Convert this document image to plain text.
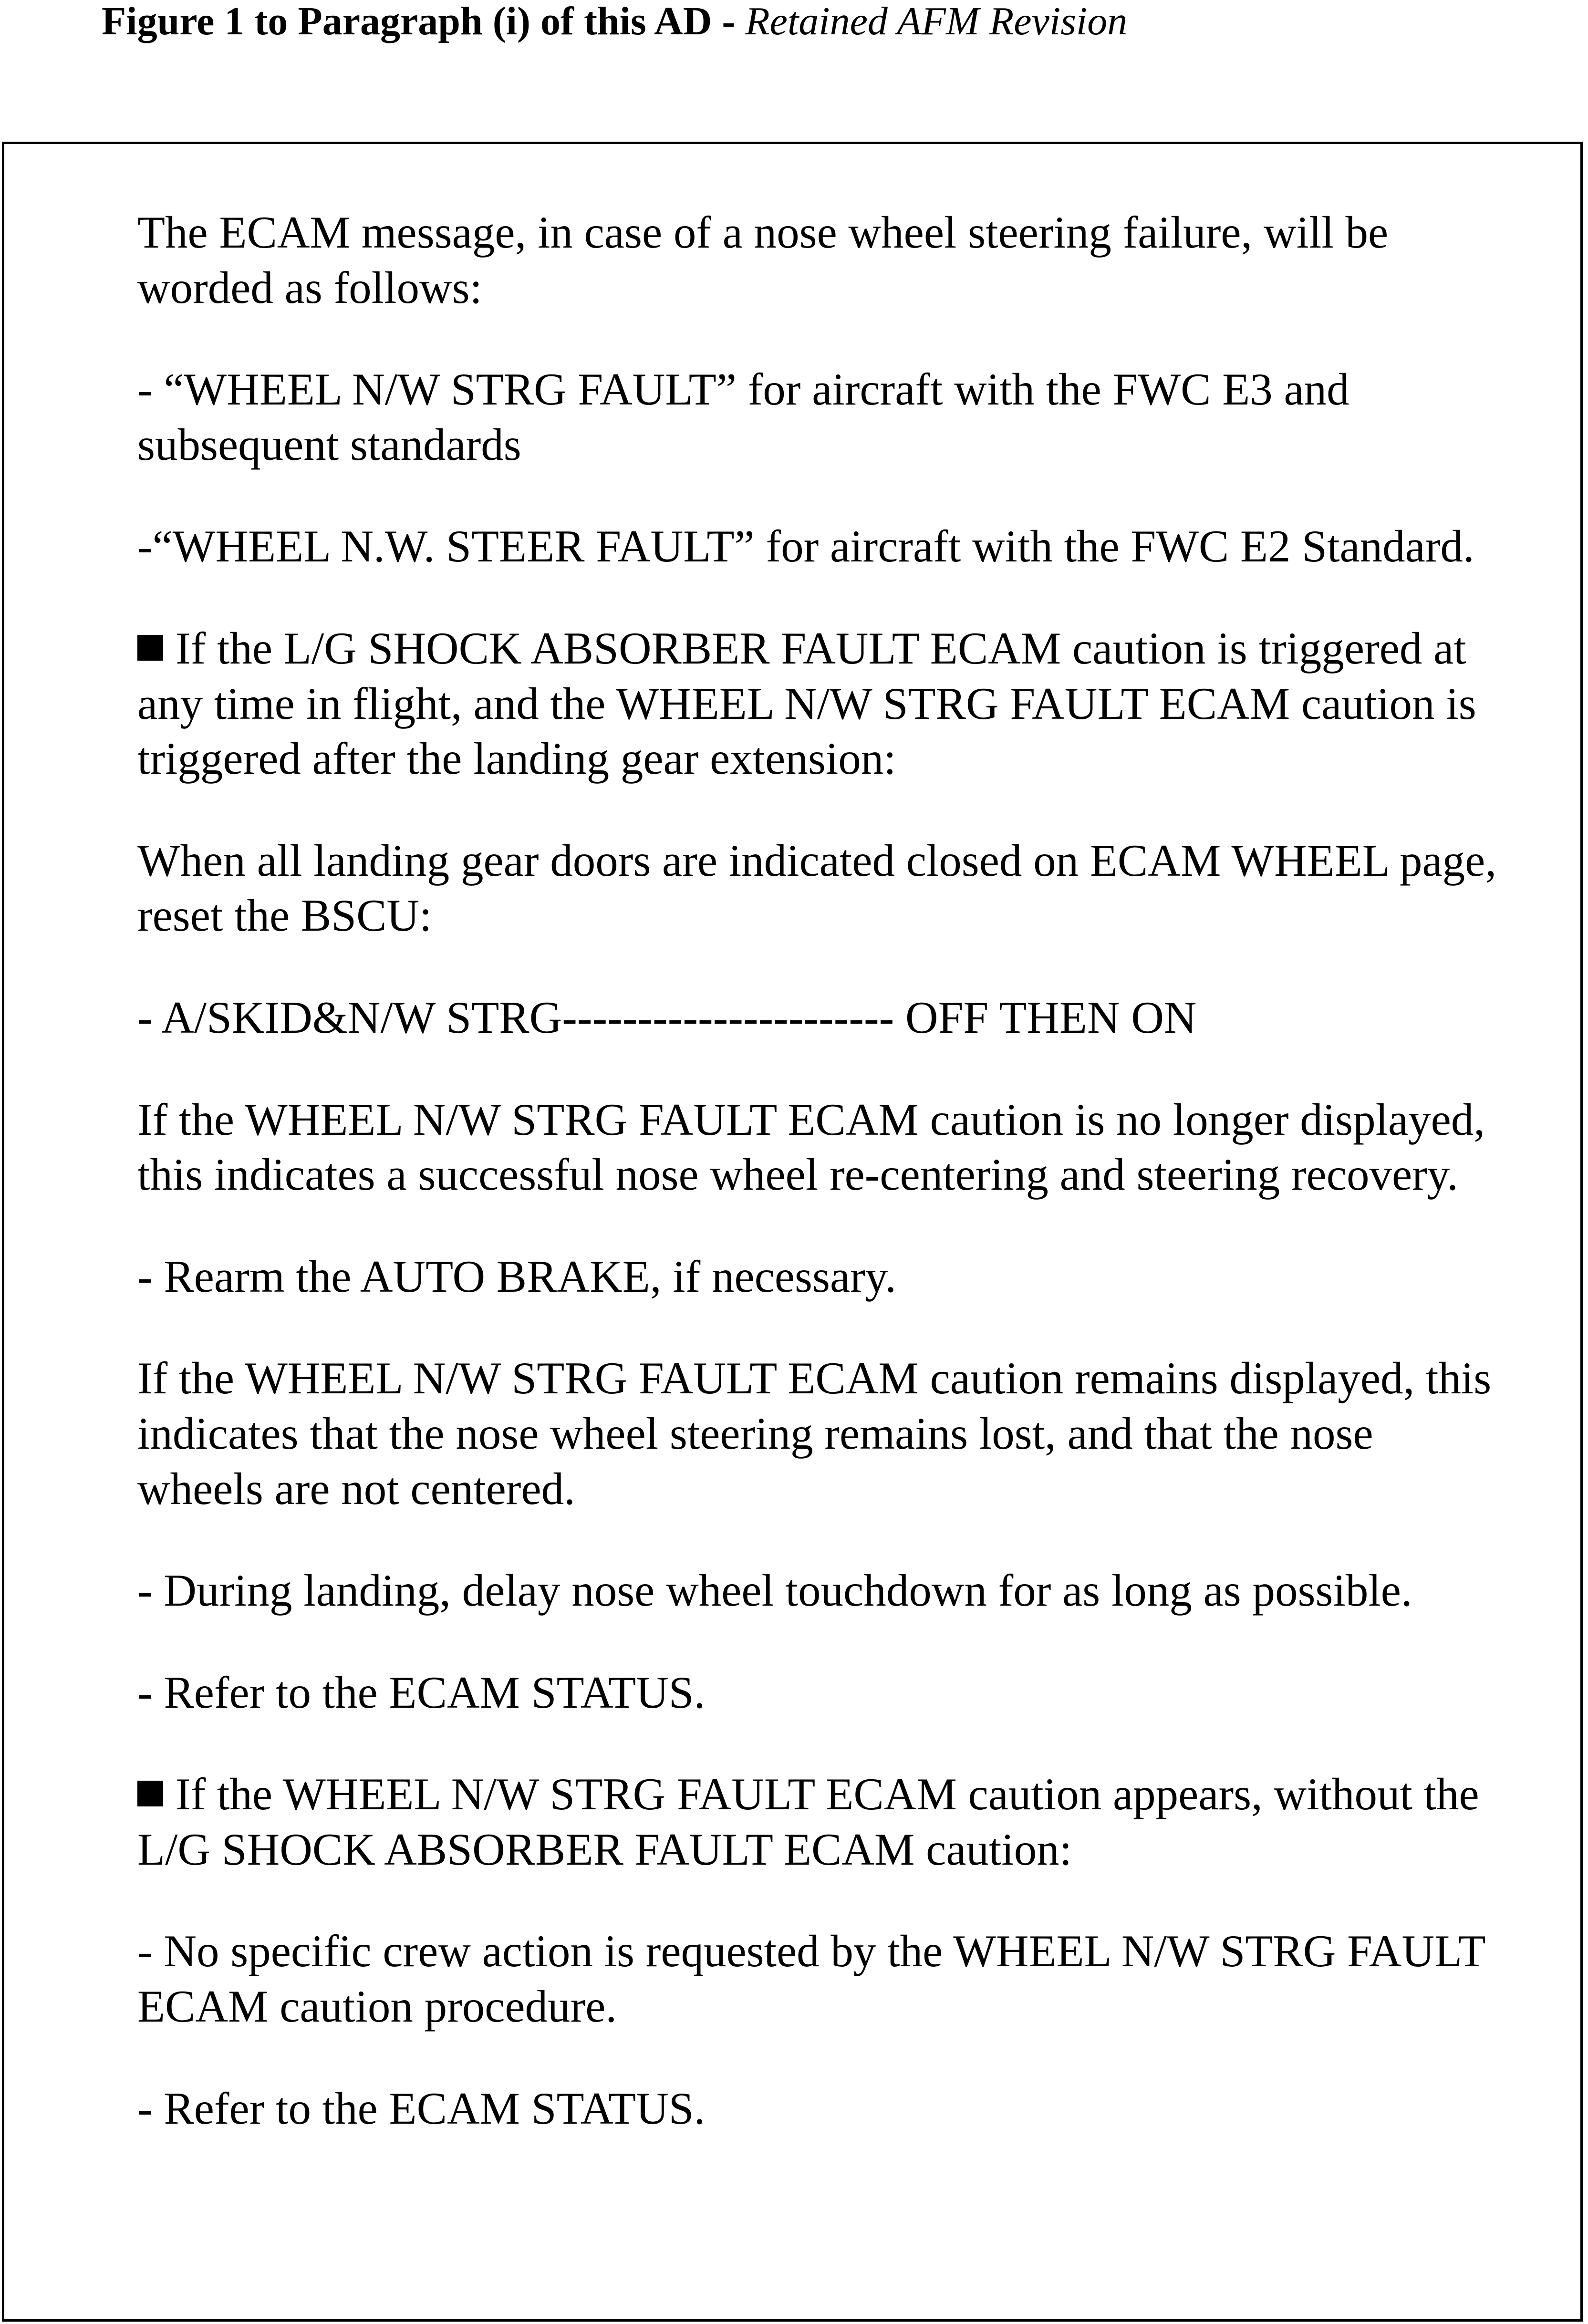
Figure 1 to Paragraph (i) of this AD - Retained AFM Revision

The ECAM message, in case of a nose wheel steering failure, will be worded as follows:

- “WHEEL N/W STRG FAULT” for aircraft with the FWC E3 and subsequent standards

-“WHEEL N.W. STEER FAULT” for aircraft with the FWC E2 Standard.

If the L/G SHOCK ABSORBER FAULT ECAM caution is triggered at any time in flight, and the WHEEL N/W STRG FAULT ECAM caution is triggered after the landing gear extension:

When all landing gear doors are indicated closed on ECAM WHEEL page, reset the BSCU:

- A/SKID&N/W STRG---------------------- OFF THEN ON

If the WHEEL N/W STRG FAULT ECAM caution is no longer displayed, this indicates a successful nose wheel re-centering and steering recovery.

- Rearm the AUTO BRAKE, if necessary.

If the WHEEL N/W STRG FAULT ECAM caution remains displayed, this indicates that the nose wheel steering remains lost, and that the nose wheels are not centered.

- During landing, delay nose wheel touchdown for as long as possible.

- Refer to the ECAM STATUS.

If the WHEEL N/W STRG FAULT ECAM caution appears, without the L/G SHOCK ABSORBER FAULT ECAM caution:

- No specific crew action is requested by the WHEEL N/W STRG FAULT ECAM caution procedure.

- Refer to the ECAM STATUS.
